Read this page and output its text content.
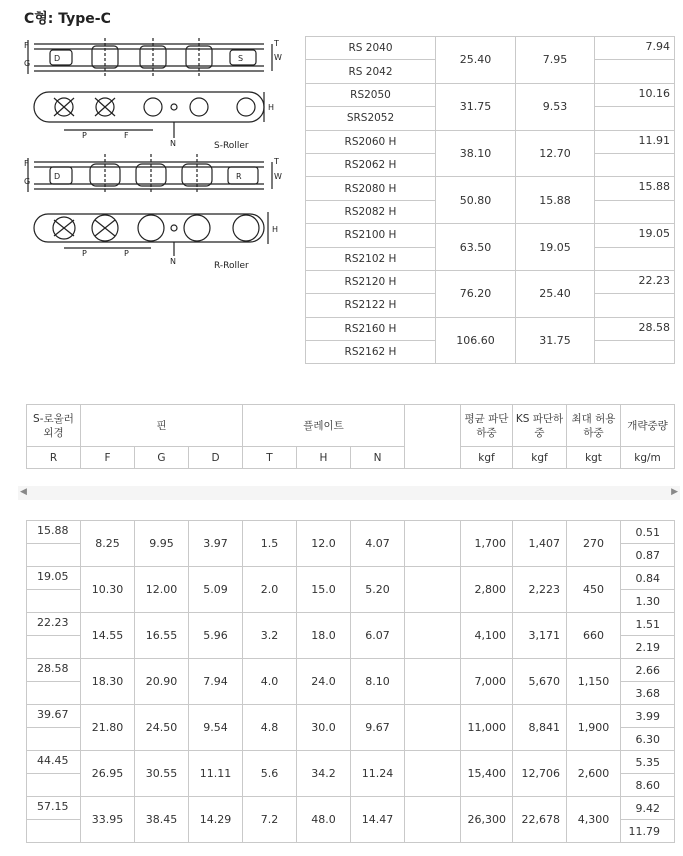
C형: Type-C
F
G
D	S
T
W
H
P	F
N	S-Roller
F
G
D	R
T
W
H
P	P
N	R-Roller
RS 2040	25.40	7.95	7.94
RS 2042			
RS2050	31.75	9.53	10.16
SRS2052			
RS2060 H	38.10	12.70	11.91
RS2062 H			
RS2080 H	50.80	15.88	15.88
RS2082 H			
RS2100 H	63.50	19.05	19.05
RS2102 H			
RS2120 H	76.20	25.40	22.23
RS2122 H			
RS2160 H	106.60	31.75	28.58
RS2162 H			
S-로울러 외경	핀			플레이트				평균 파단하중	KS 파단하중	최대 허용하중	개략중량
R	F	G	D	T	H	N		kgf	kgf	kgt	kg/m
◀	▶
15.88	8.25	9.95	3.97	1.5	12.0	4.07		1,700	1,407	270	0.51
											0.87
19.05	10.30	12.00	5.09	2.0	15.0	5.20		2,800	2,223	450	0.84
											1.30
22.23	14.55	16.55	5.96	3.2	18.0	6.07		4,100	3,171	660	1.51
											2.19
28.58	18.30	20.90	7.94	4.0	24.0	8.10		7,000	5,670	1,150	2.66
											3.68
39.67	21.80	24.50	9.54	4.8	30.0	9.67		11,000	8,841	1,900	3.99
											6.30
44.45	26.95	30.55	11.11	5.6	34.2	11.24		15,400	12,706	2,600	5.35
											8.60
57.15	33.95	38.45	14.29	7.2	48.0	14.47		26,300	22,678	4,300	9.42
											11.79
